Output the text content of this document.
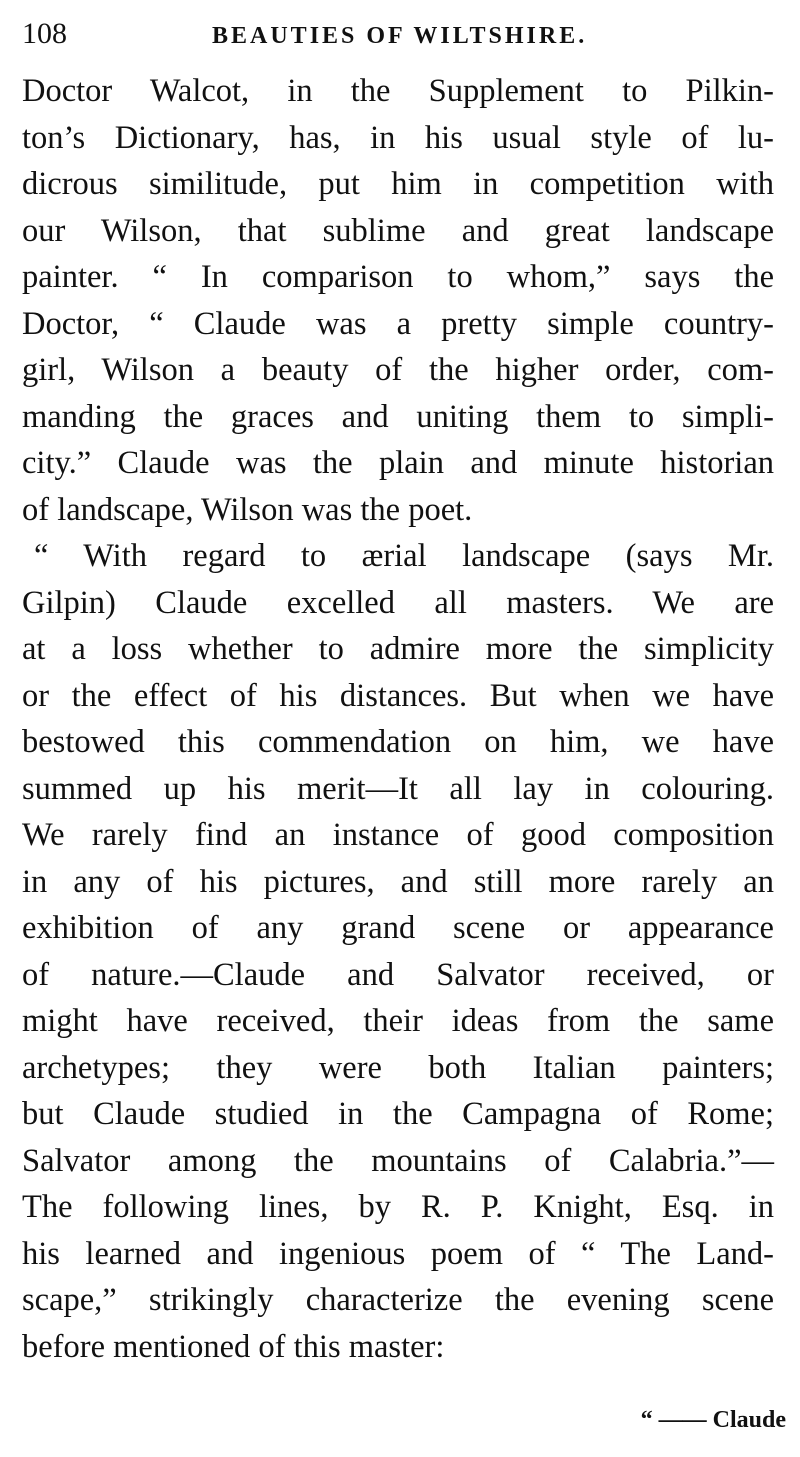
108	BEAUTIES OF WILTSHIRE.
Doctor Walcot, in the Supplement to Pilkin-
ton’s Dictionary, has, in his usual style of lu-
dicrous similitude, put him in competition with
our Wilson, that sublime and great landscape
painter. “ In comparison to whom,” says the
Doctor, “ Claude was a pretty simple country-
girl, Wilson a beauty of the higher order, com-
manding the graces and uniting them to simpli-
city.” Claude was the plain and minute historian
of landscape, Wilson was the poet.
“ With regard to ærial landscape (says Mr.
Gilpin) Claude excelled all masters. We are
at a loss whether to admire more the simplicity
or the effect of his distances. But when we have
bestowed this commendation on him, we have
summed up his merit—It all lay in colouring.
We rarely find an instance of good composition
in any of his pictures, and still more rarely an
exhibition of any grand scene or appearance
of nature.—Claude and Salvator received, or
might have received, their ideas from the same
archetypes; they were both Italian painters;
but Claude studied in the Campagna of Rome;
Salvator among the mountains of Calabria.”—
The following lines, by R. P. Knight, Esq. in
his learned and ingenious poem of “ The Land-
scape,” strikingly characterize the evening scene
before mentioned of this master:
“ —— Claude
